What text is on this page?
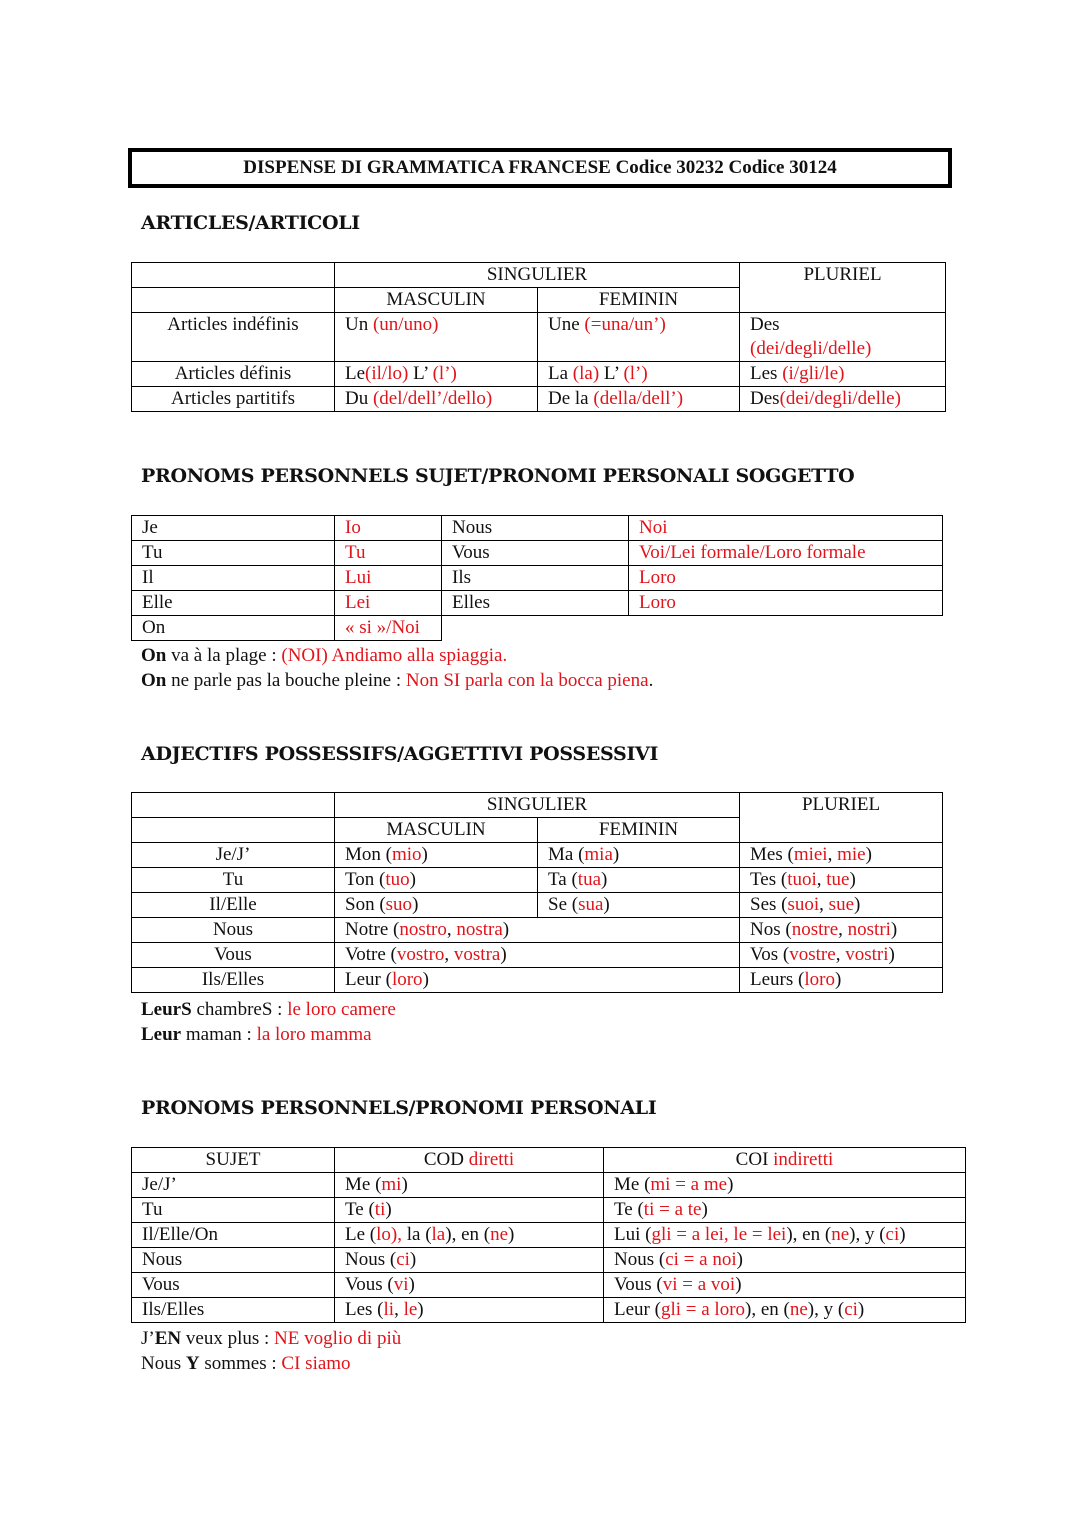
DISPENSE DI GRAMMATICA FRANCESE Codice 30232 Codice 30124
ARTICLES/ARTICOLI
	SINGULIER		PLURIEL
	MASCULIN	FEMININ	
Articles indéfinis	Un (un/uno)	Une (=una/un’)	Des
(dei/degli/delle)
Articles définis	Le(il/lo) L’ (l’)	La (la) L’ (l’)	Les (i/gli/le)
Articles partitifs	Du (del/dell’/dello)	De la (della/dell’)	Des(dei/degli/delle)
PRONOMS PERSONNELS SUJET/PRONOMI PERSONALI SOGGETTO
Je	Io	Nous	Noi
Tu	Tu	Vous	Voi/Lei formale/Loro formale
Il	Lui	Ils	Loro
Elle	Lei	Elles	Loro
On	« si »/Noi		
On va à la plage : (NOI) Andiamo alla spiaggia.
On ne parle pas la bouche pleine : Non SI parla con la bocca piena.
ADJECTIFS POSSESSIFS/AGGETTIVI POSSESSIVI
	SINGULIER		PLURIEL
	MASCULIN	FEMININ	
Je/J’	Mon (mio)	Ma (mia)	Mes (miei, mie)
Tu	Ton (tuo)	Ta (tua)	Tes (tuoi, tue)
Il/Elle	Son (suo)	Se (sua)	Ses (suoi, sue)
Nous	Notre (nostro, nostra)		Nos (nostre, nostri)
Vous	Votre (vostro, vostra)		Vos (vostre, vostri)
Ils/Elles	Leur (loro)		Leurs (loro)
LeurS chambreS : le loro camere
Leur maman : la loro mamma
PRONOMS PERSONNELS/PRONOMI PERSONALI
SUJET	COD diretti	COI indiretti
Je/J’	Me (mi)	Me (mi = a me)
Tu	Te (ti)	Te (ti = a te)
Il/Elle/On	Le (lo), la (la), en (ne)	Lui (gli = a lei, le = lei), en (ne), y (ci)
Nous	Nous (ci)	Nous (ci = a noi)
Vous	Vous (vi)	Vous (vi = a voi)
Ils/Elles	Les (li, le)	Leur (gli = a loro), en (ne), y (ci)
J’EN veux plus : NE voglio di più
Nous Y sommes : CI siamo
